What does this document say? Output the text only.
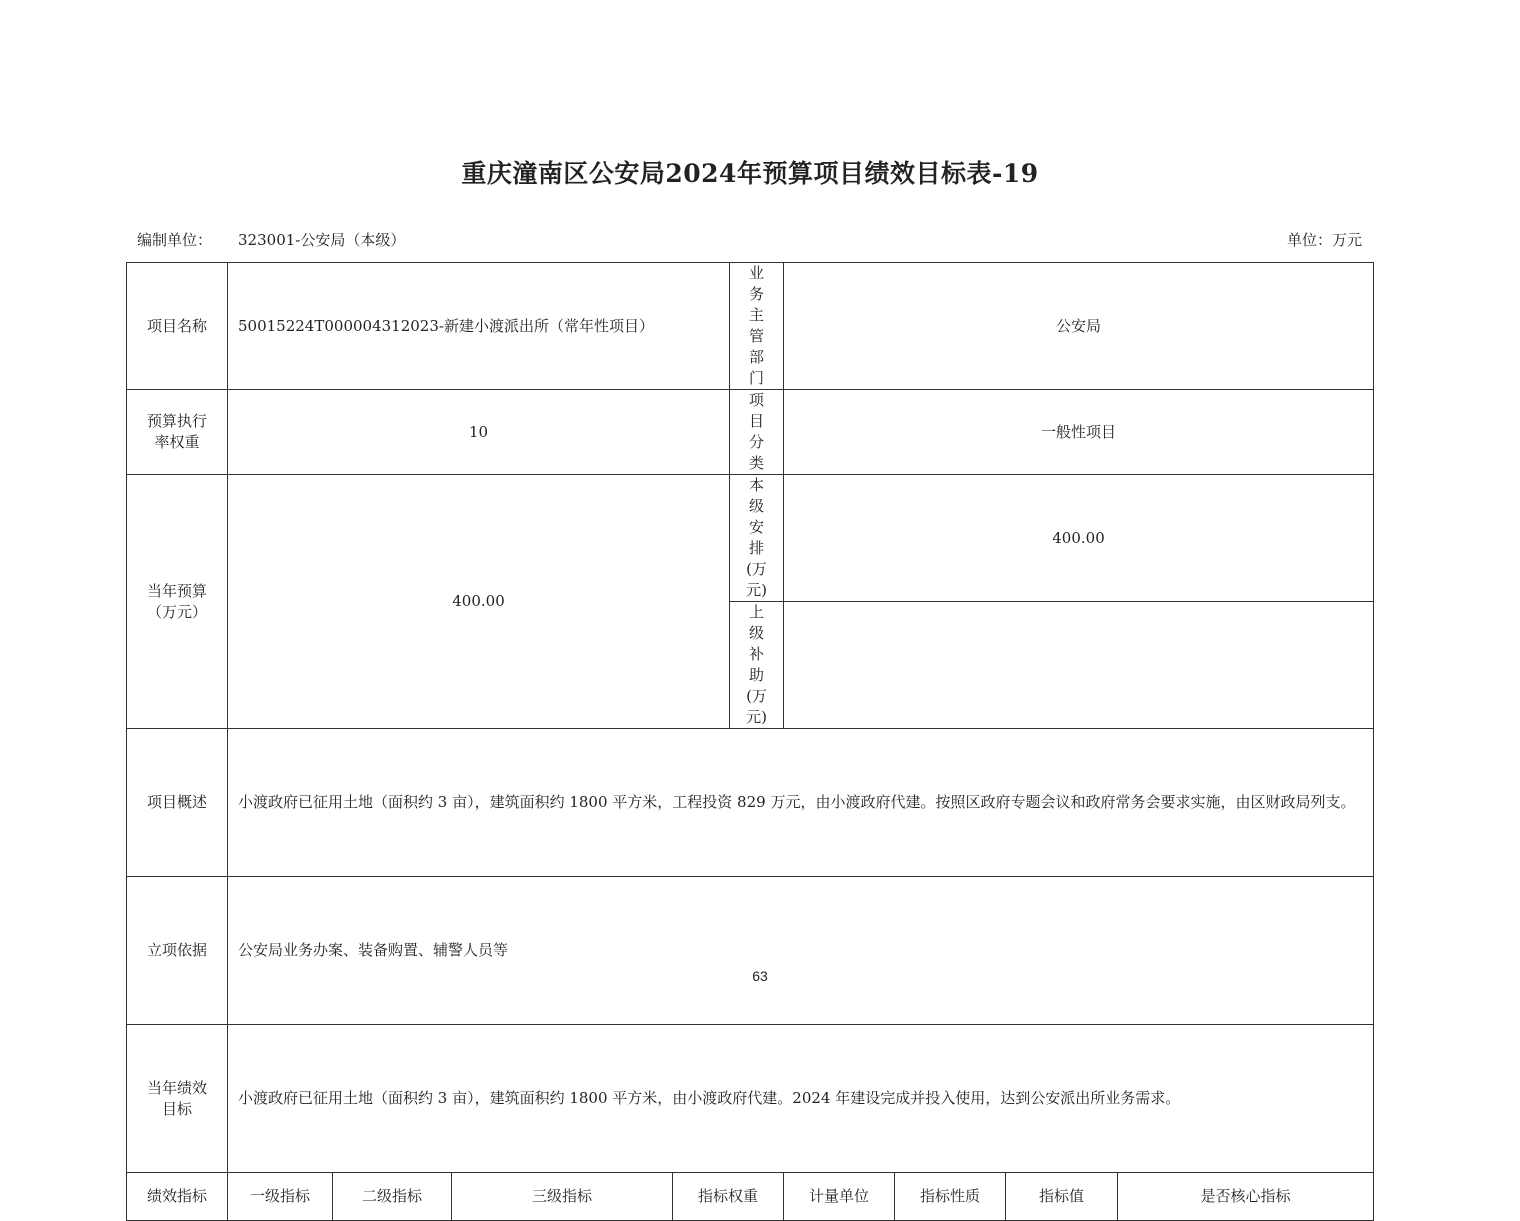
重庆潼南区公安局2024年预算项目绩效目标表-19
编制单位： 323001-公安局（本级）	单位：万元
项目名称	50015224T000004312023-新建小渡派出所（常年性项目）				业务主管部门	公安局			
预算执行率权重	10				项目分类	一般性项目			
当年预算（万元）	400.00				本级安排(万元)	400.00			
					上级补助(万元)				
项目概述	小渡政府已征用土地（面积约 3 亩），建筑面积约 1800 平方米，工程投资 829 万元，由小渡政府代建。按照区政府专题会议和政府常务会要求实施，由区财政局列支。								
立项依据	公安局业务办案、装备购置、辅警人员等								
当年绩效目标	小渡政府已征用土地（面积约 3 亩），建筑面积约 1800 平方米，由小渡政府代建。2024 年建设完成并投入使用，达到公安派出所业务需求。								
绩效指标	一级指标	二级指标	三级指标	指标权重		计量单位	指标性质	指标值	是否核心指标
63
